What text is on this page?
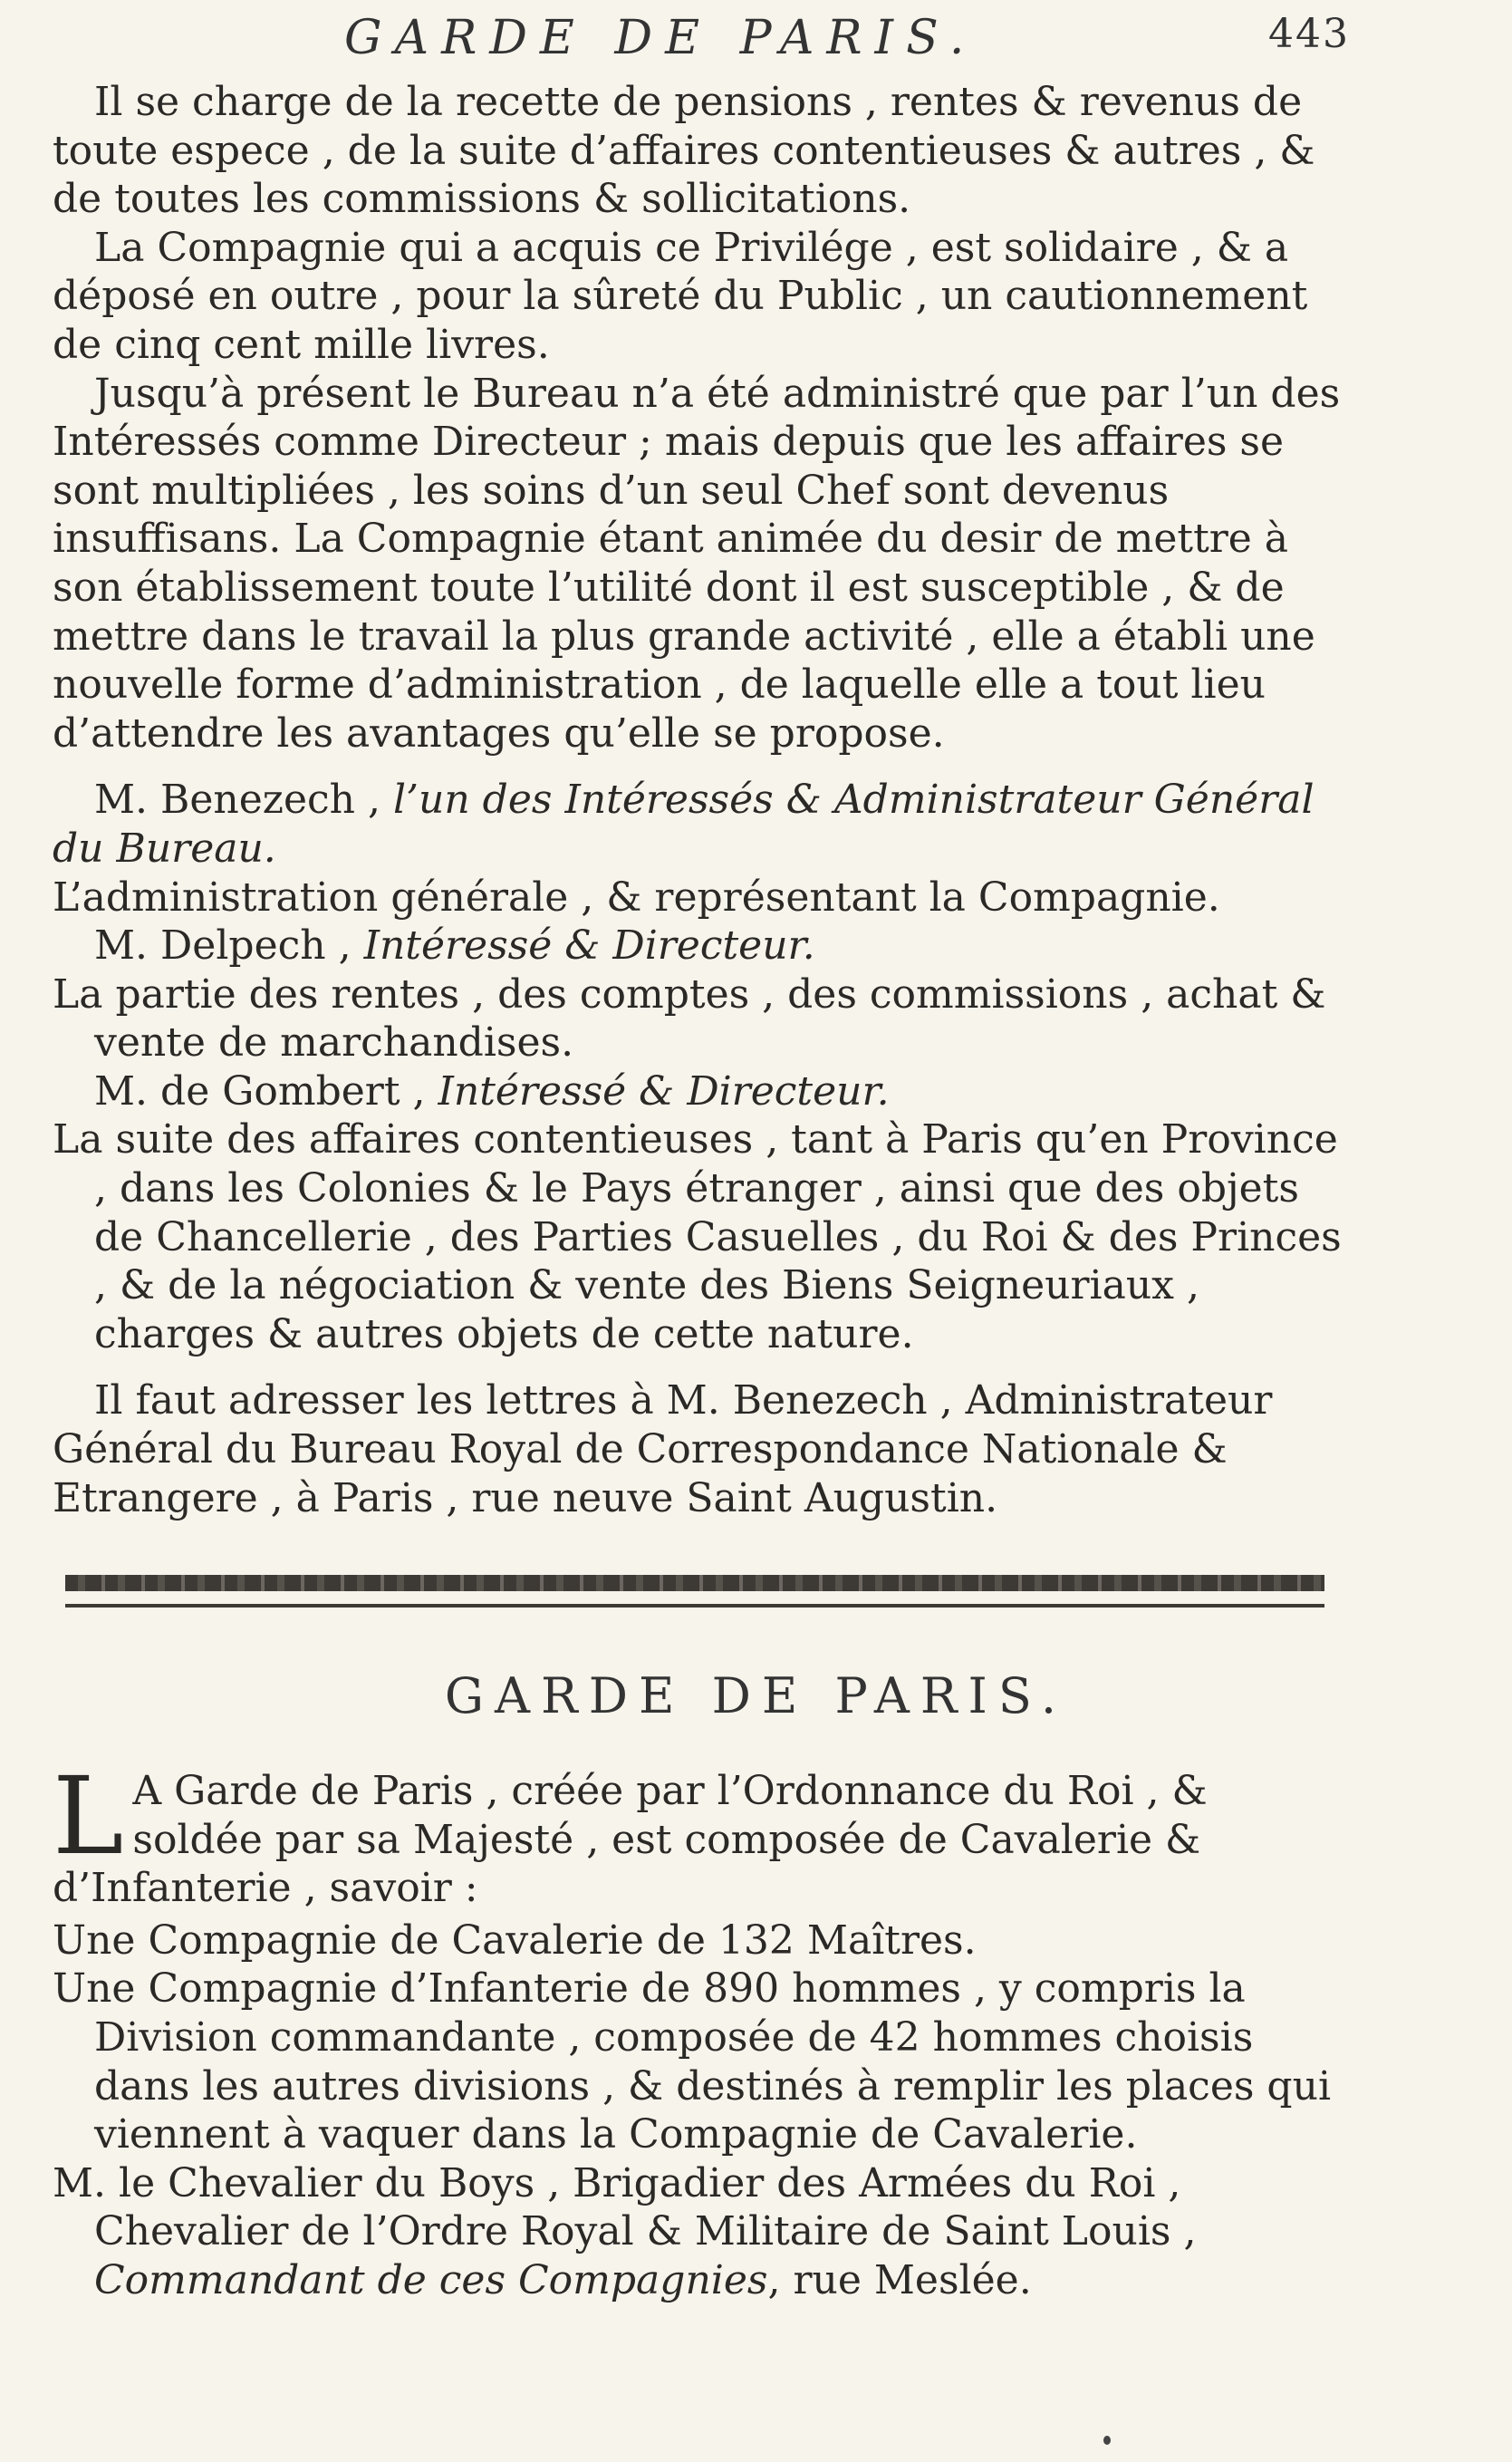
GARDE DE PARIS.	443

Il se charge de la recette de pensions , rentes & revenus de toute espece , de la suite d’affaires contentieuses & autres , & de toutes les commissions & sollicitations.

La Compagnie qui a acquis ce Privilége , est solidaire , & a déposé en outre , pour la sûreté du Public , un cautionnement de cinq cent mille livres.

Jusqu’à présent le Bureau n’a été administré que par l’un des Intéressés comme Directeur ; mais depuis que les affaires se sont multipliées , les soins d’un seul Chef sont devenus insuffisans. La Compagnie étant animée du desir de mettre à son établissement toute l’utilité dont il est susceptible , & de mettre dans le travail la plus grande activité , elle a établi une nouvelle forme d’administration , de laquelle elle a tout lieu d’attendre les avantages qu’elle se propose.

M. Benezech , l’un des Intéressés & Administrateur Général du Bureau.

L’administration générale , & représentant la Compagnie.

M. Delpech , Intéressé & Directeur.

La partie des rentes , des comptes , des commissions , achat & vente de marchandises.

M. de Gombert , Intéressé & Directeur.

La suite des affaires contentieuses , tant à Paris qu’en Province , dans les Colonies & le Pays étranger , ainsi que des objets de Chancellerie , des Parties Casuelles , du Roi & des Princes , & de la négociation & vente des Biens Seigneuriaux , charges & autres objets de cette nature.

Il faut adresser les lettres à M. Benezech , Administrateur Général du Bureau Royal de Correspondance Nationale & Etrangere , à Paris , rue neuve Saint Augustin.

GARDE DE PARIS.

L A Garde de Paris , créée par l’Ordonnance du Roi , & soldée par sa Majesté , est composée de Cavalerie & d’Infanterie , savoir :

Une Compagnie de Cavalerie de 132 Maîtres.

Une Compagnie d’Infanterie de 890 hommes , y compris la Division commandante , composée de 42 hommes choisis dans les autres divisions , & destinés à remplir les places qui viennent à vaquer dans la Compagnie de Cavalerie.

M. le Chevalier du Boys , Brigadier des Armées du Roi , Chevalier de l’Ordre Royal & Militaire de Saint Louis , Commandant de ces Compagnies, rue Meslée.
